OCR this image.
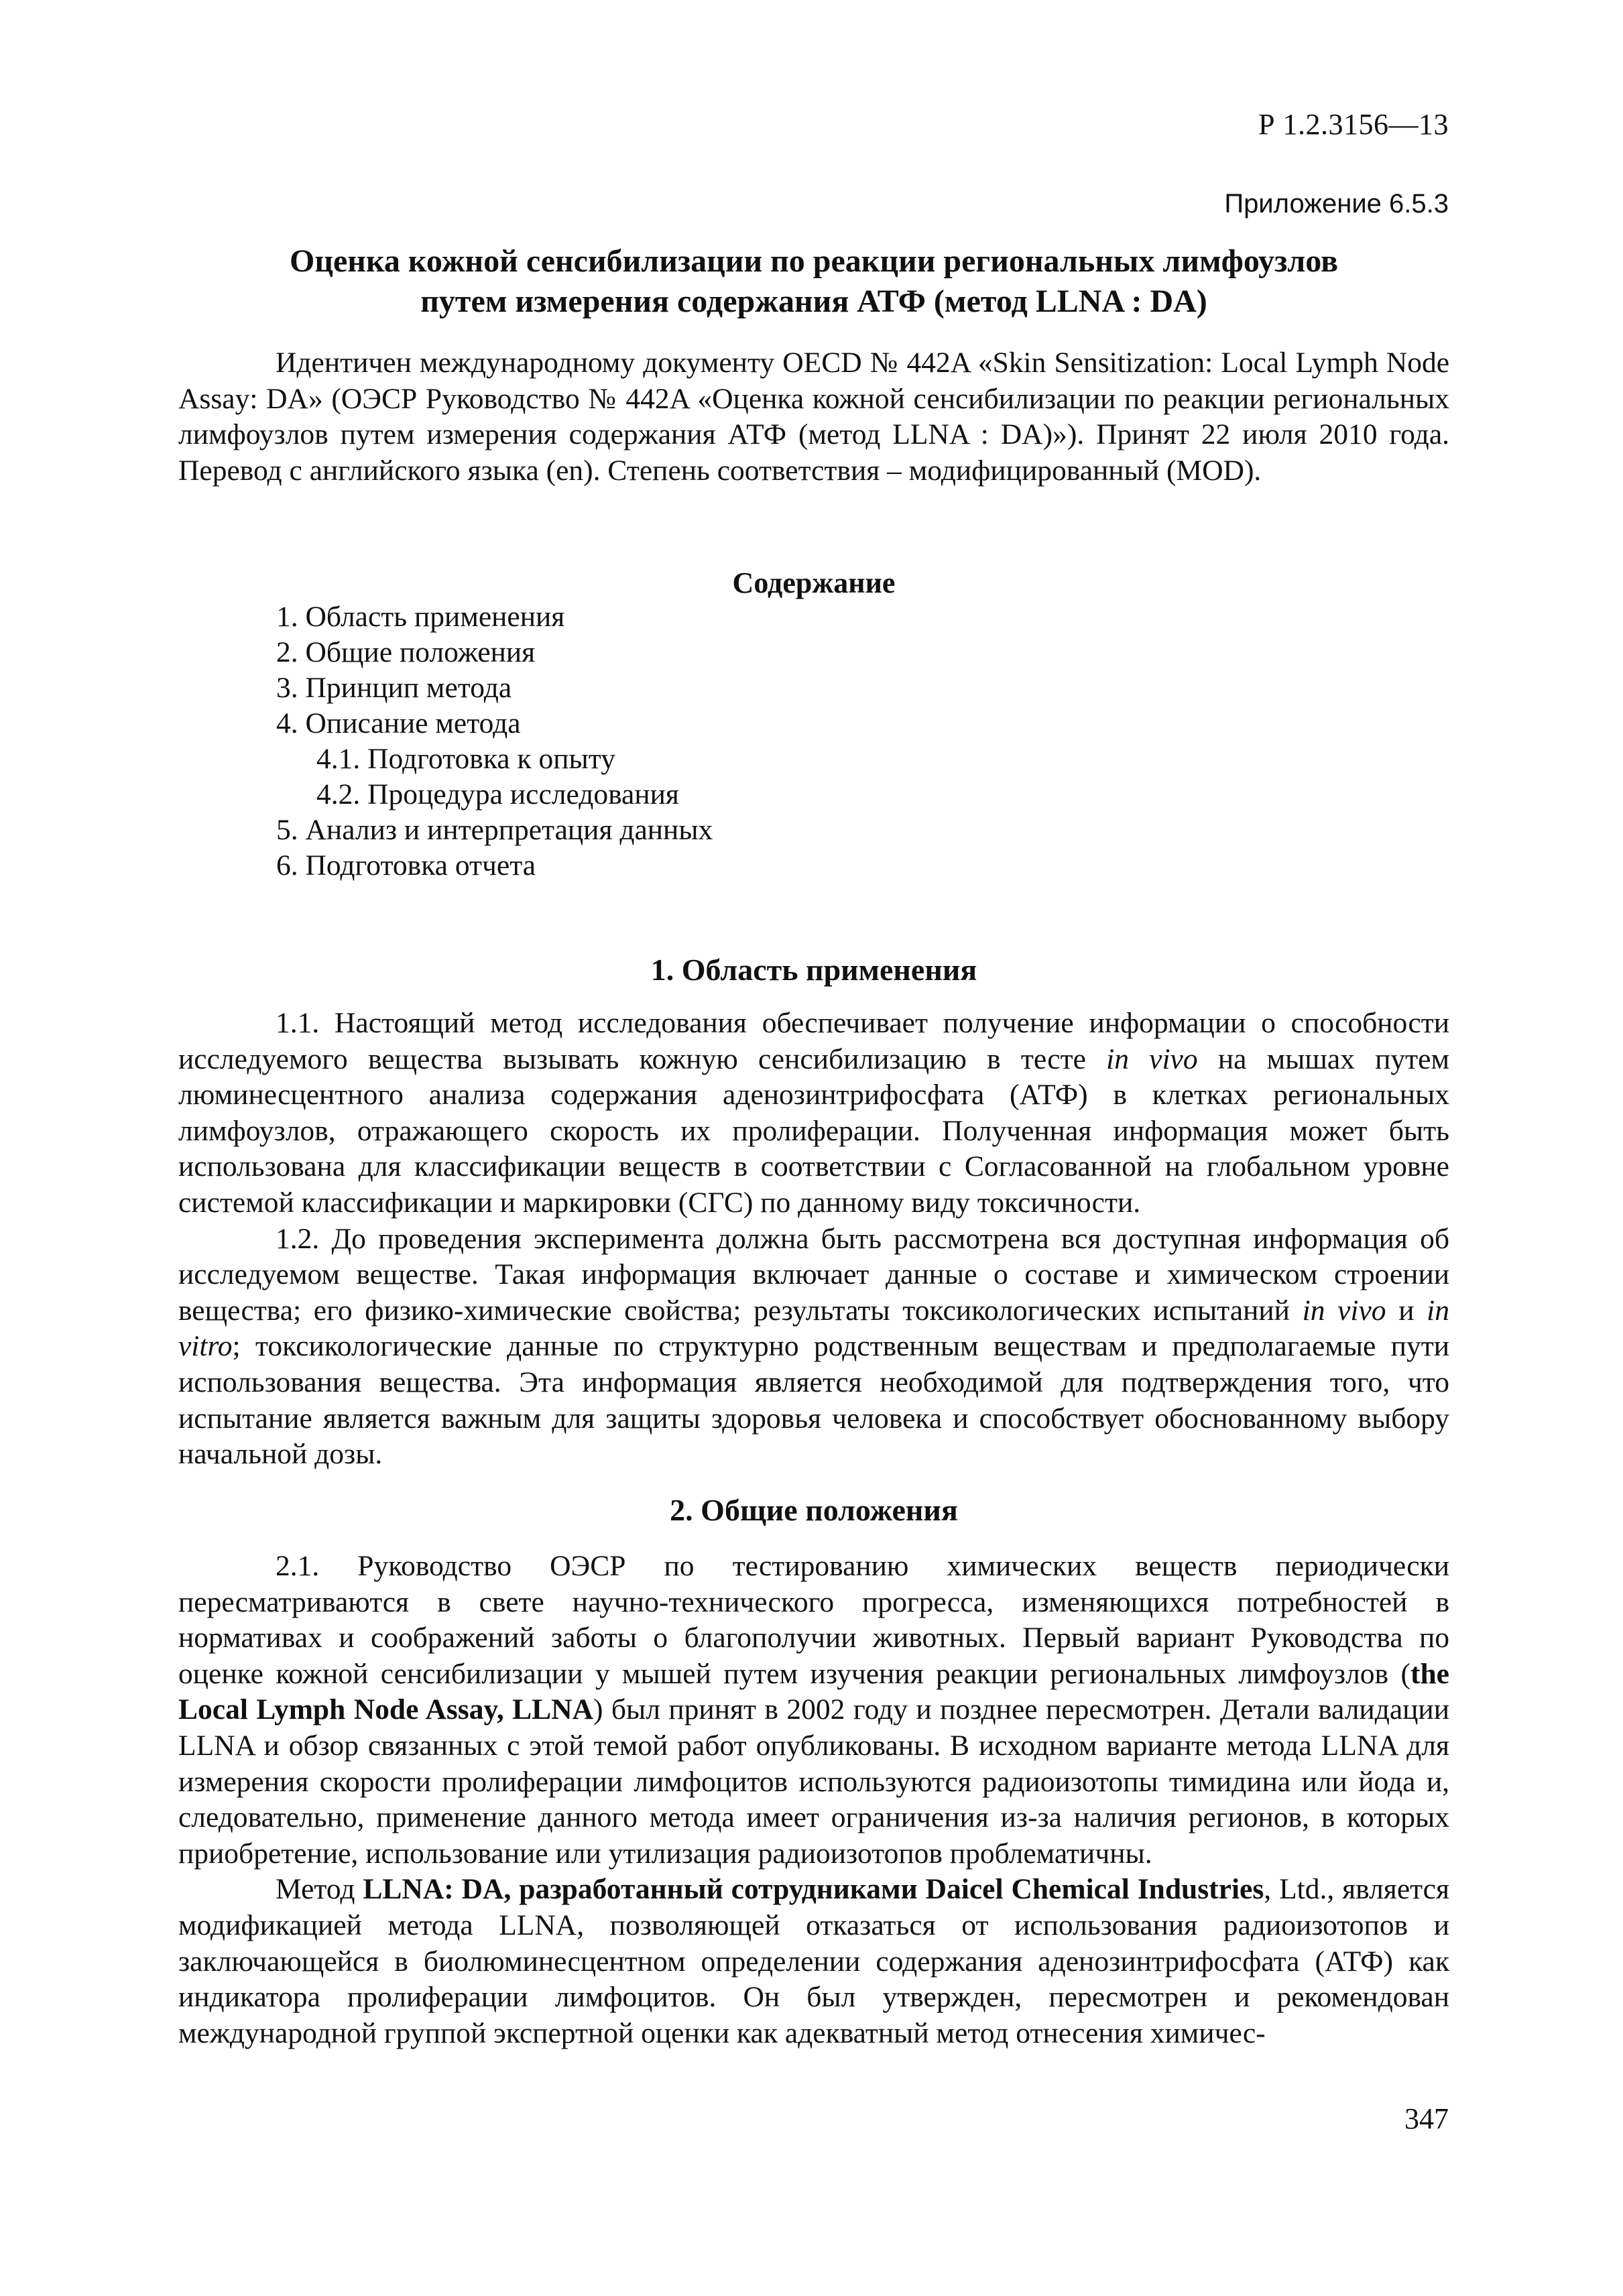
Р 1.2.3156—13
Приложение 6.5.3
Оценка кожной сенсибилизации по реакции региональных лимфоузлов
путем измерения содержания АТФ (метод LLNA : DA)

Идентичен международному документу OECD № 442A «Skin Sensitization: Local Lymph Node Assay: DA» (ОЭСР Руководство № 442A «Оценка кожной сенсибилизации по реакции региональных лимфоузлов путем измерения содержания АТФ (метод LLNA : DA)»). Принят 22 июля 2010 года. Перевод с английского языка (en). Степень соответствия – модифицированный (MOD).

Содержание
1. Область применения
2. Общие положения
3. Принцип метода
4. Описание метода
4.1. Подготовка к опыту
4.2. Процедура исследования
5. Анализ и интерпретация данных
6. Подготовка отчета
1. Область применения

1.1. Настоящий метод исследования обеспечивает получение информации о способности исследуемого вещества вызывать кожную сенсибилизацию в тесте in vivo на мышах путем люминесцентного анализа содержания аденозинтрифосфата (АТФ) в клетках региональных лимфоузлов, отражающего скорость их пролиферации. Полученная информация может быть использована для классификации веществ в соответствии с Согласованной на глобальном уровне системой классификации и маркировки (СГС) по данному виду токсичности.

1.2. До проведения эксперимента должна быть рассмотрена вся доступная информация об исследуемом веществе. Такая информация включает данные о составе и химическом строении вещества; его физико-химические свойства; результаты токсикологических испытаний in vivo и in vitro; токсикологические данные по структурно родственным веществам и предполагаемые пути использования вещества. Эта информация является необходимой для подтверждения того, что испытание является важным для защиты здоровья человека и способствует обоснованному выбору начальной дозы.

2. Общие положения

2.1. Руководство ОЭСР по тестированию химических веществ периодически пересматриваются в свете научно-технического прогресса, изменяющихся потребностей в нормативах и соображений заботы о благополучии животных. Первый вариант Руководства по оценке кожной сенсибилизации у мышей путем изучения реакции региональных лимфоузлов (the Local Lymph Node Assay, LLNA) был принят в 2002 году и позднее пересмотрен. Детали валидации LLNA и обзор связанных с этой темой работ опубликованы. В исходном варианте метода LLNA для измерения скорости пролиферации лимфоцитов используются радиоизотопы тимидина или йода и, следовательно, применение данного метода имеет ограничения из-за наличия регионов, в которых приобретение, использование или утилизация радиоизотопов проблематичны.

Метод LLNA: DA, разработанный сотрудниками Daicel Chemical Industries, Ltd., является модификацией метода LLNA, позволяющей отказаться от использования радиоизотопов и заключающейся в биолюминесцентном определении содержания аденозинтрифосфата (АТФ) как индикатора пролиферации лимфоцитов. Он был утвержден, пересмотрен и рекомендован международной группой экспертной оценки как адекватный метод отнесения химичес-

347
